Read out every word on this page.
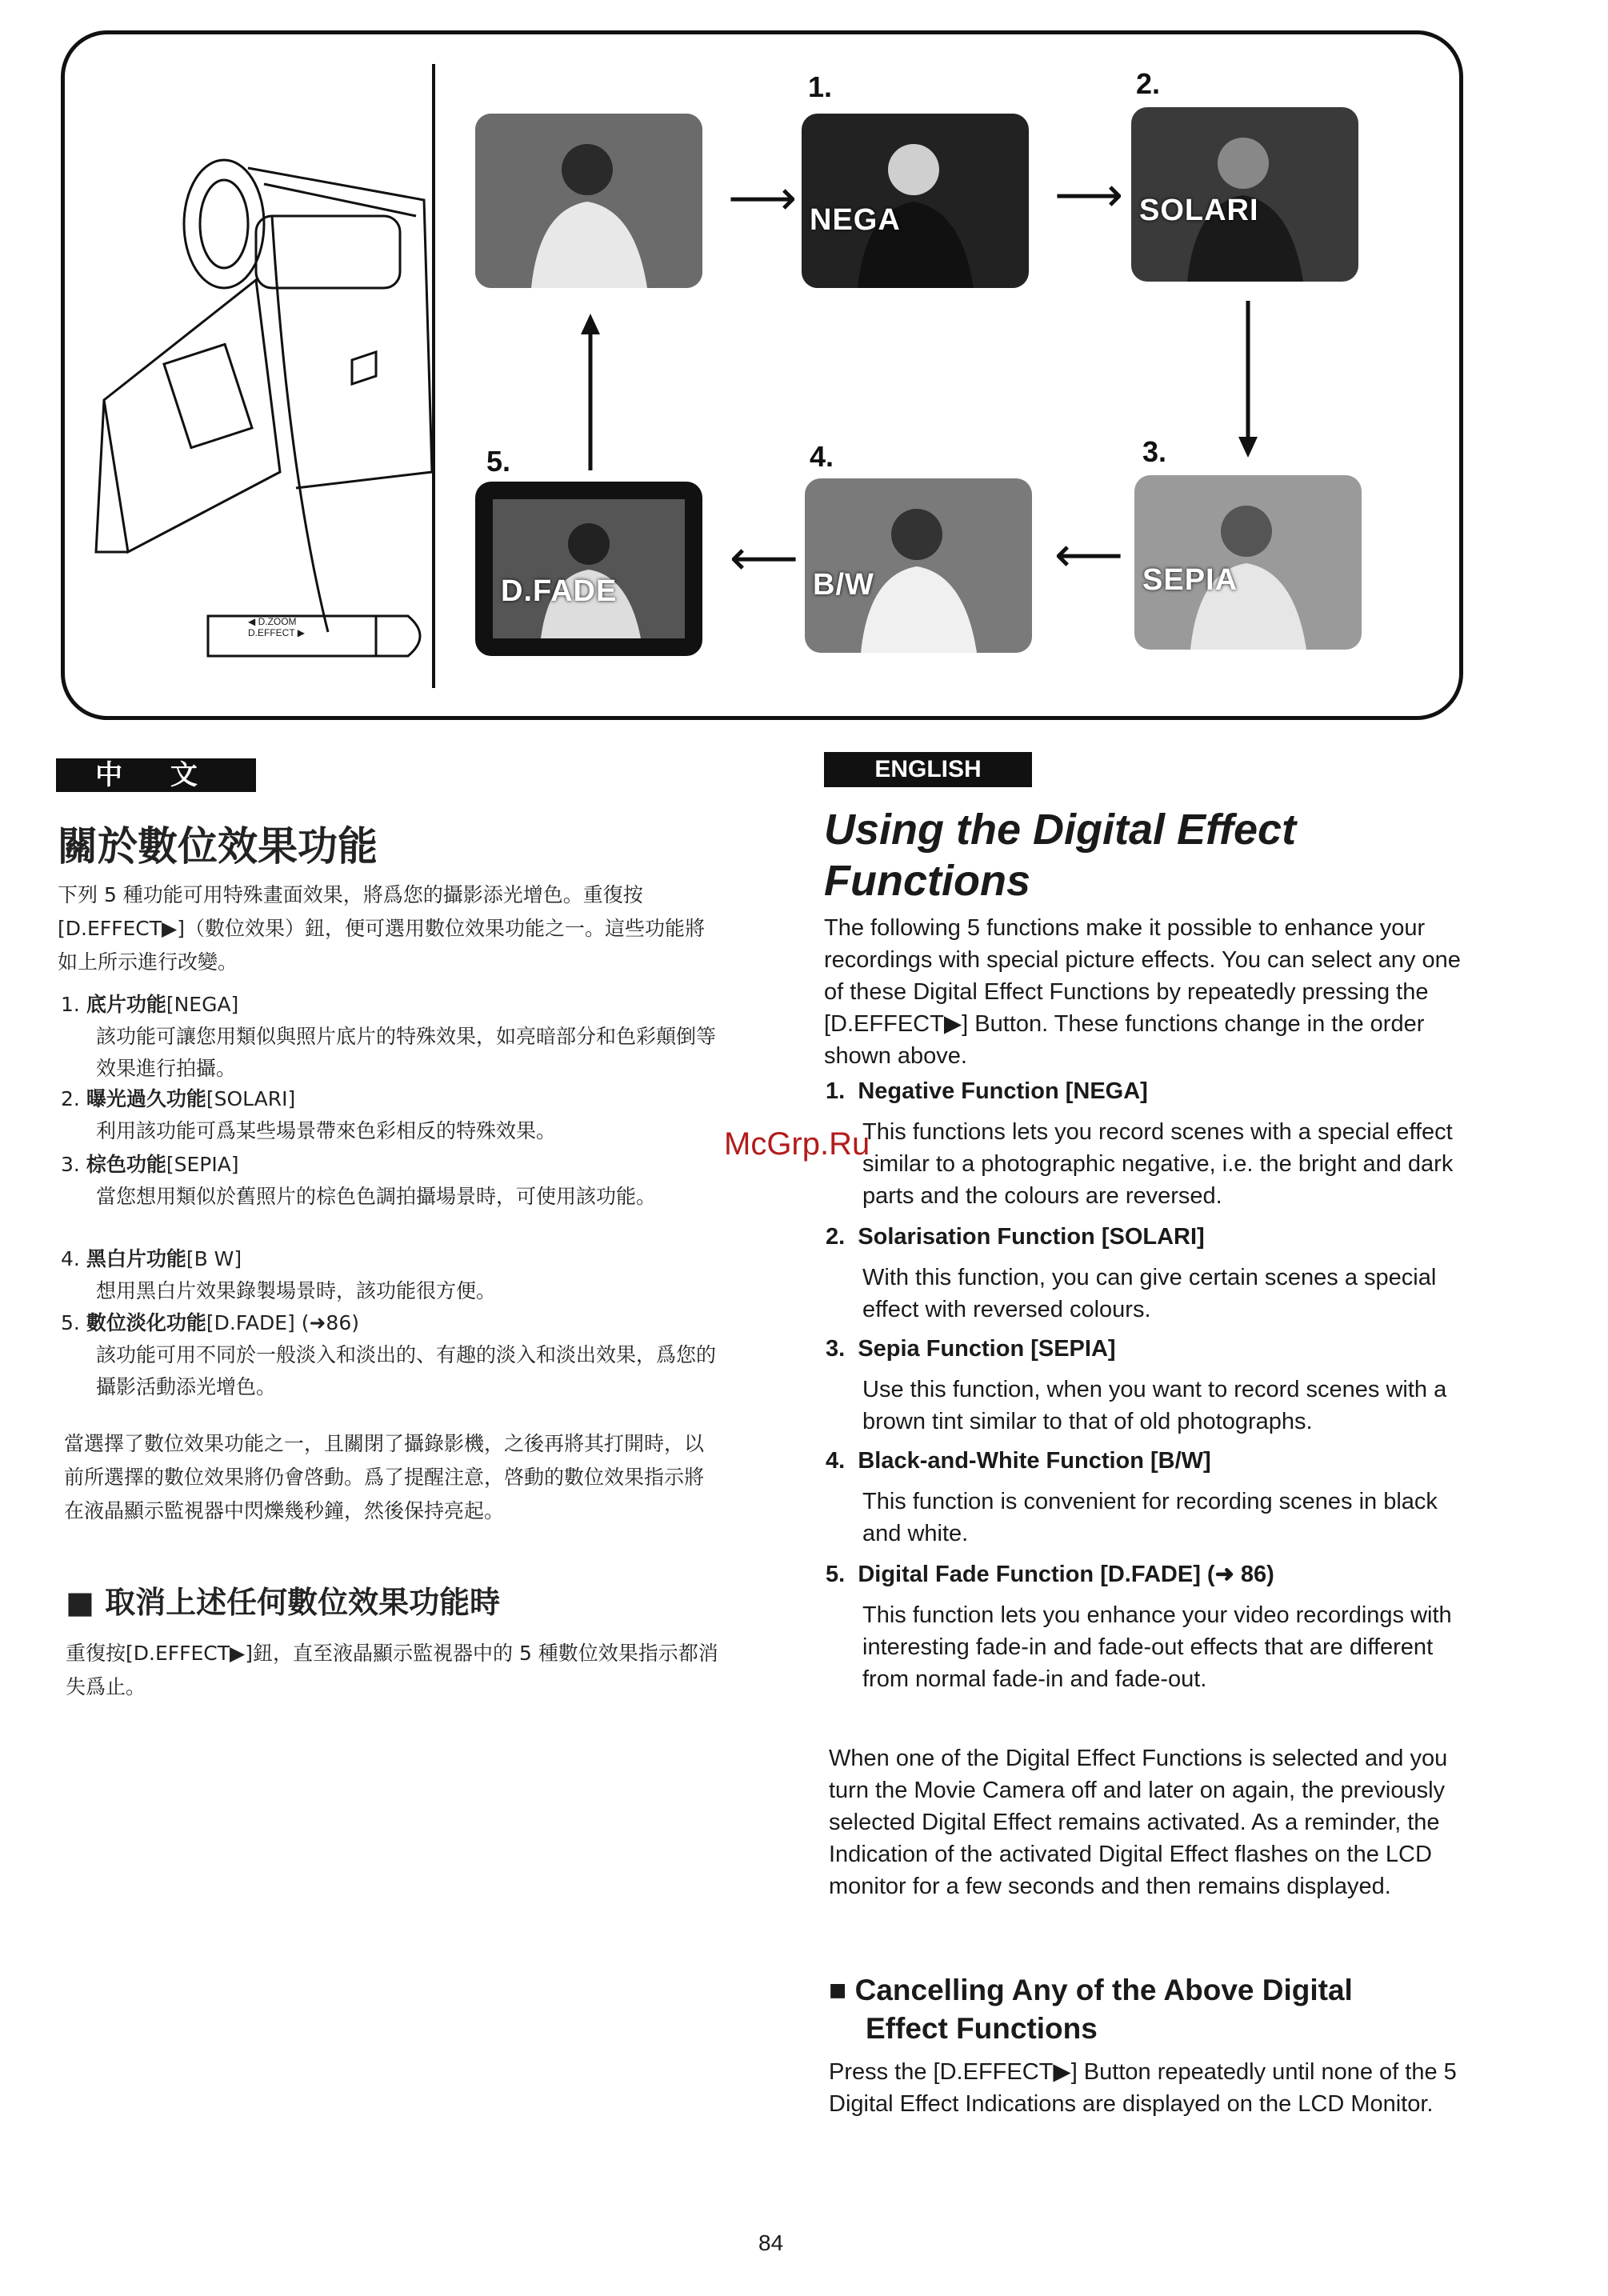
◀ D.ZOOM
D.EFFECT ▶
1.
NEGA
2.
SOLARI
3.
SEPIA
4.
B/W
5.
D.FADE
⟶	⟶
⟵
⟵
中 文
關於數位效果功能
下列 5 種功能可用特殊畫面效果，將爲您的攝影添光增色。重復按[D.EFFECT▶]（數位效果）鈕，便可選用數位效果功能之一。這些功能將如上所示進行改變。
1. 底片功能[NEGA]
該功能可讓您用類似與照片底片的特殊效果，如亮暗部分和色彩顛倒等效果進行拍攝。
2. 曝光過久功能[SOLARI]
利用該功能可爲某些場景帶來色彩相反的特殊效果。
3. 棕色功能[SEPIA]
當您想用類似於舊照片的棕色色調拍攝場景時，可使用該功能。
4. 黑白片功能[B W]
想用黑白片效果錄製場景時，該功能很方便。
5. 數位淡化功能[D.FADE] (➜86)
該功能可用不同於一般淡入和淡出的、有趣的淡入和淡出效果，爲您的攝影活動添光增色。
當選擇了數位效果功能之一，且關閉了攝錄影機，之後再將其打開時，以前所選擇的數位效果將仍會啓動。爲了提醒注意，啓動的數位效果指示將在液晶顯示監視器中閃爍幾秒鐘，然後保持亮起。
■ 取消上述任何數位效果功能時
重復按[D.EFFECT▶]鈕，直至液晶顯示監視器中的 5 種數位效果指示都消失爲止。
ENGLISH
Using the Digital Effect
Functions
The following 5 functions make it possible to enhance your recordings with special picture effects. You can select any one of these Digital Effect Functions by repeatedly pressing the [D.EFFECT▶] Button. These functions change in the order shown above.
1. Negative Function [NEGA]
This functions lets you record scenes with a special effect similar to a photographic negative, i.e. the bright and dark parts and the colours are reversed.
2. Solarisation Function [SOLARI]
With this function, you can give certain scenes a special effect with reversed colours.
3. Sepia Function [SEPIA]
Use this function, when you want to record scenes with a brown tint similar to that of old photographs.
4. Black-and-White Function [B/W]
This function is convenient for recording scenes in black and white.
5. Digital Fade Function [D.FADE] (➜ 86)
This function lets you enhance your video recordings with interesting fade-in and fade-out effects that are different from normal fade-in and fade-out.
When one of the Digital Effect Functions is selected and you turn the Movie Camera off and later on again, the previously selected Digital Effect remains activated. As a reminder, the Indication of the activated Digital Effect flashes on the LCD monitor for a few seconds and then remains displayed.
■ Cancelling Any of the Above Digital
Effect Functions
Press the [D.EFFECT▶] Button repeatedly until none of the 5 Digital Effect Indications are displayed on the LCD Monitor.
McGrp.Ru
84
